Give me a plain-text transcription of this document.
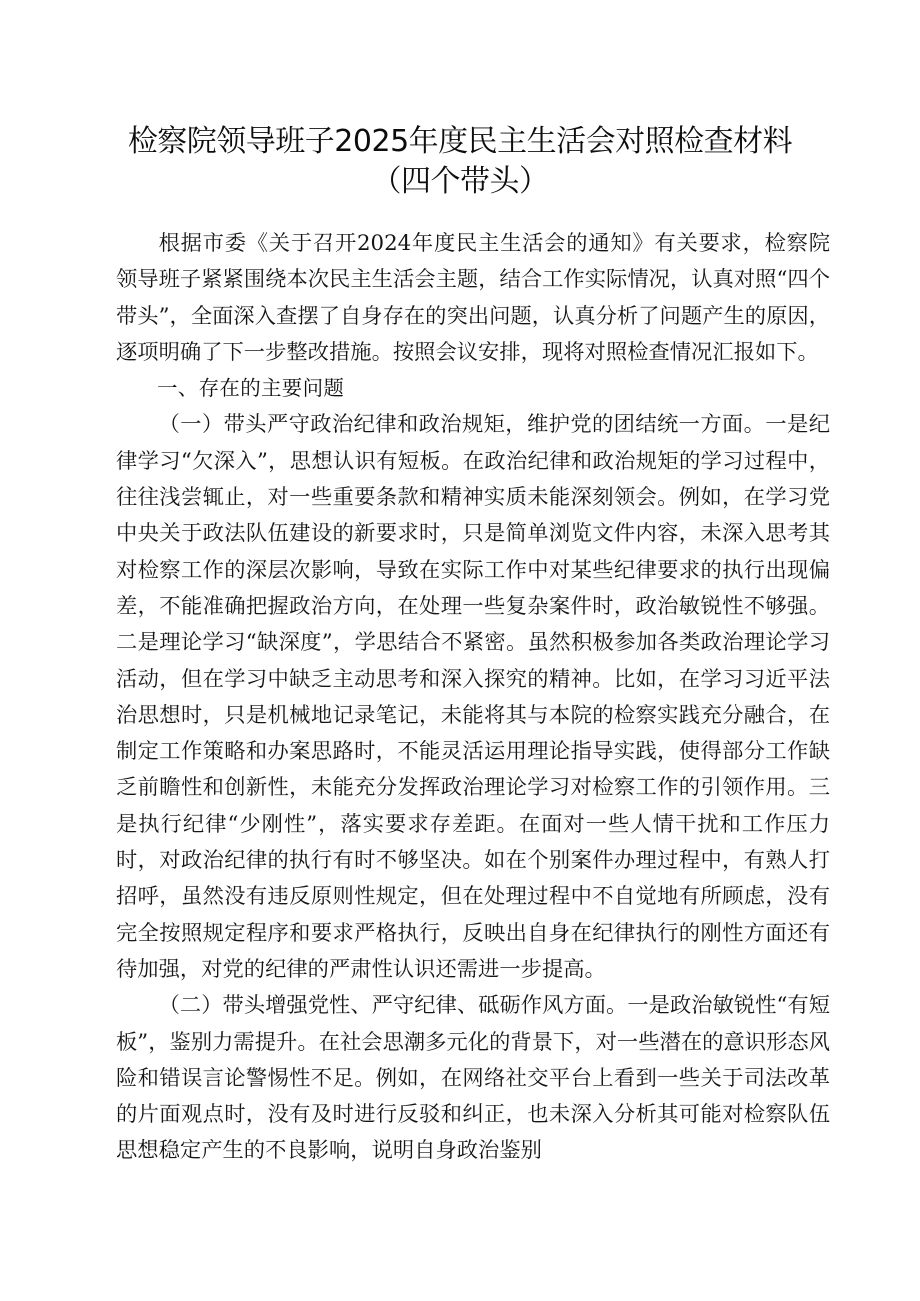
检察院领导班子2025年度民主生活会对照检查材料
（四个带头）

根据市委《关于召开2024年度民主生活会的通知》有关要求，检察院领导班子紧紧围绕本次民主生活会主题，结合工作实际情况，认真对照“四个带头”，全面深入查摆了自身存在的突出问题，认真分析了问题产生的原因，逐项明确了下一步整改措施。按照会议安排，现将对照检查情况汇报如下。

一、存在的主要问题

（一）带头严守政治纪律和政治规矩，维护党的团结统一方面。一是纪律学习“欠深入”，思想认识有短板。在政治纪律和政治规矩的学习过程中，往往浅尝辄止，对一些重要条款和精神实质未能深刻领会。例如，在学习党中央关于政法队伍建设的新要求时，只是简单浏览文件内容，未深入思考其对检察工作的深层次影响，导致在实际工作中对某些纪律要求的执行出现偏差，不能准确把握政治方向，在处理一些复杂案件时，政治敏锐性不够强。二是理论学习“缺深度”，学思结合不紧密。虽然积极参加各类政治理论学习活动，但在学习中缺乏主动思考和深入探究的精神。比如，在学习习近平法治思想时，只是机械地记录笔记，未能将其与本院的检察实践充分融合，在制定工作策略和办案思路时，不能灵活运用理论指导实践，使得部分工作缺乏前瞻性和创新性，未能充分发挥政治理论学习对检察工作的引领作用。三是执行纪律“少刚性”，落实要求存差距。在面对一些人情干扰和工作压力时，对政治纪律的执行有时不够坚决。如在个别案件办理过程中，有熟人打招呼，虽然没有违反原则性规定，但在处理过程中不自觉地有所顾虑，没有完全按照规定程序和要求严格执行，反映出自身在纪律执行的刚性方面还有待加强，对党的纪律的严肃性认识还需进一步提高。

（二）带头增强党性、严守纪律、砥砺作风方面。一是政治敏锐性“有短板”，鉴别力需提升。在社会思潮多元化的背景下，对一些潜在的意识形态风险和错误言论警惕性不足。例如，在网络社交平台上看到一些关于司法改革的片面观点时，没有及时进行反驳和纠正，也未深入分析其可能对检察队伍思想稳定产生的不良影响，说明自身政治鉴别
